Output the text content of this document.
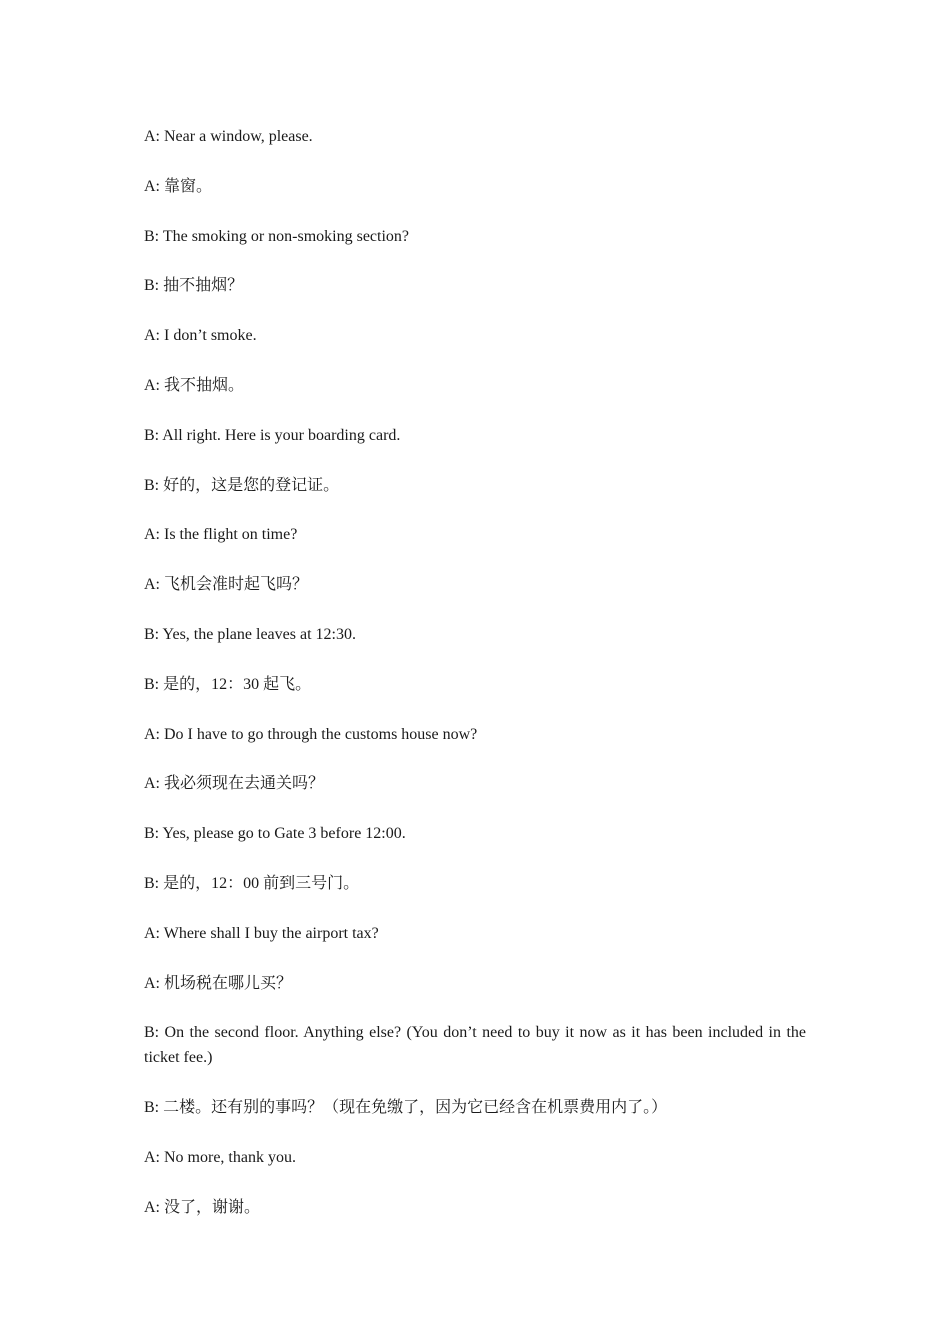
A: Near a window, please.

A: 靠窗。

B: The smoking or non-smoking section?

B: 抽不抽烟？

A: I don’t smoke.

A: 我不抽烟。

B: All right. Here is your boarding card.

B: 好的，这是您的登记证。

A: Is the flight on time?

A: 飞机会准时起飞吗？

B: Yes, the plane leaves at 12:30.

B: 是的，12：30 起飞。

A: Do I have to go through the customs house now?

A: 我必须现在去通关吗？

B: Yes, please go to Gate 3 before 12:00.

B: 是的，12：00 前到三号门。

A: Where shall I buy the airport tax?

A: 机场税在哪儿买？

B: On the second floor. Anything else? (You don’t need to buy it now as it has been included in the ticket fee.)

B: 二楼。还有别的事吗？（现在免缴了，因为它已经含在机票费用内了。）

A: No more, thank you.

A: 没了，谢谢。
